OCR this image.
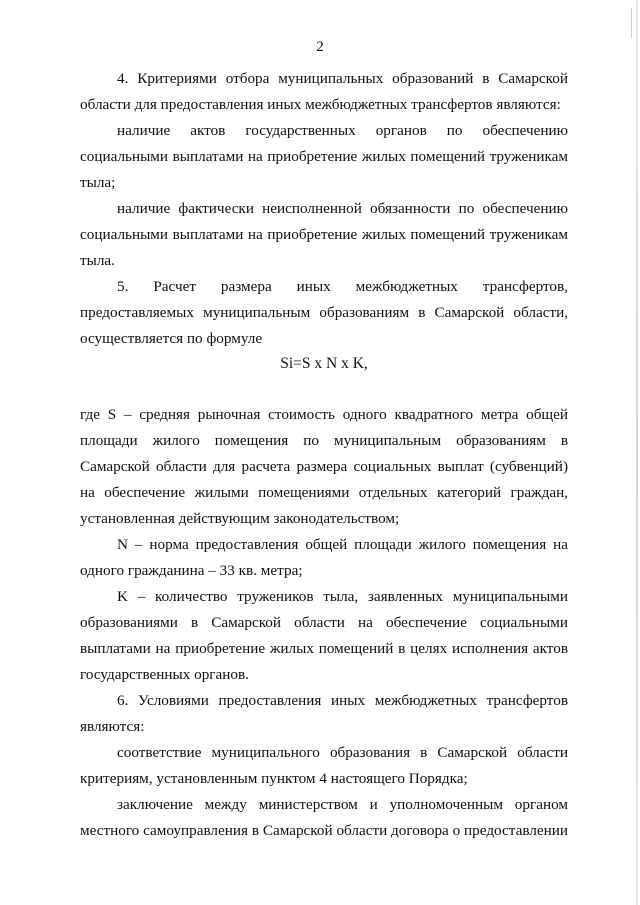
2

4. Критериями отбора муниципальных образований в Самарской области для предоставления иных межбюджетных трансфертов являются:

наличие актов государственных органов по обеспечению социальными выплатами на приобретение жилых помещений труженикам тыла;

наличие фактически неисполненной обязанности по обеспечению социальными выплатами на приобретение жилых помещений труженикам тыла.

5. Расчет размера иных межбюджетных трансфертов, предоставляемых муниципальным образованиям в Самарской области, осуществляется по формуле

Si=S x N x K,

где S – средняя рыночная стоимость одного квадратного метра общей площади жилого помещения по муниципальным образованиям в Самарской области для расчета размера социальных выплат (субвенций) на обеспечение жилыми помещениями отдельных категорий граждан, установленная действующим законодательством;

N – норма предоставления общей площади жилого помещения на одного гражданина – 33 кв. метра;

K – количество тружеников тыла, заявленных муниципальными образованиями в Самарской области на обеспечение социальными выплатами на приобретение жилых помещений в целях исполнения актов государственных органов.

6. Условиями предоставления иных межбюджетных трансфертов являются:

соответствие муниципального образования в Самарской области критериям, установленным пунктом 4 настоящего Порядка;

заключение между министерством и уполномоченным органом местного самоуправления в Самарской области договора о предоставлении
